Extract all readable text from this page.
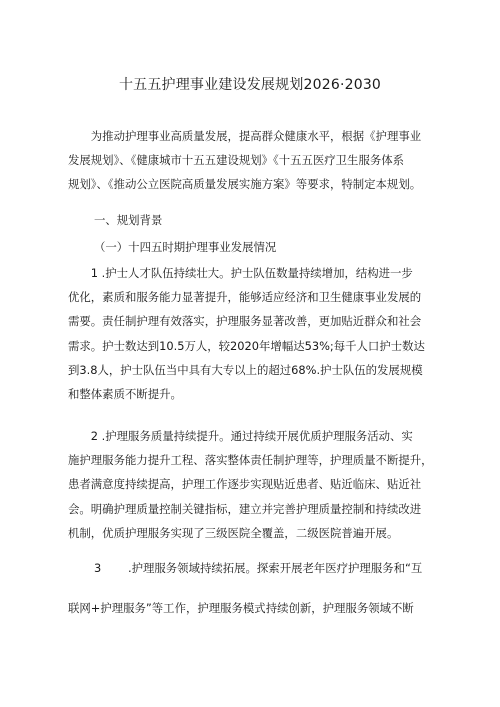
十五五护理事业建设发展规划2026·2030
　　为推动护理事业高质量发展，提高群众健康水平，根据《护理事业
发展规划》、《健康城市十五五建设规划》《十五五医疗卫生服务体系
规划》、《推动公立医院高质量发展实施方案》等要求，特制定本规划。
一、规划背景
（一）十四五时期护理事业发展情况
　　1 .护士人才队伍持续壮大。护士队伍数量持续增加，结构进一步
优化，素质和服务能力显著提升，能够适应经济和卫生健康事业发展的
需要。责任制护理有效落实，护理服务显著改善，更加贴近群众和社会
需求。护士数达到10.5万人，较2020年增幅达53%;每千人口护士数达
到3.8人，护士队伍当中具有大专以上的超过68%.护士队伍的发展规模
和整体素质不断提升。
　　2 .护理服务质量持续提升。通过持续开展优质护理服务活动、实
施护理服务能力提升工程、落实整体责任制护理等，护理质量不断提升，
患者满意度持续提高，护理工作逐步实现贴近患者、贴近临床、贴近社
会。明确护理质量控制关键指标，建立并完善护理质量控制和持续改进
机制，优质护理服务实现了三级医院全覆盖，二级医院普遍开展。
3 .护理服务领域持续拓展。探索开展老年医疗护理服务和“互
联网+护理服务”等工作，护理服务模式持续创新，护理服务领域不断
